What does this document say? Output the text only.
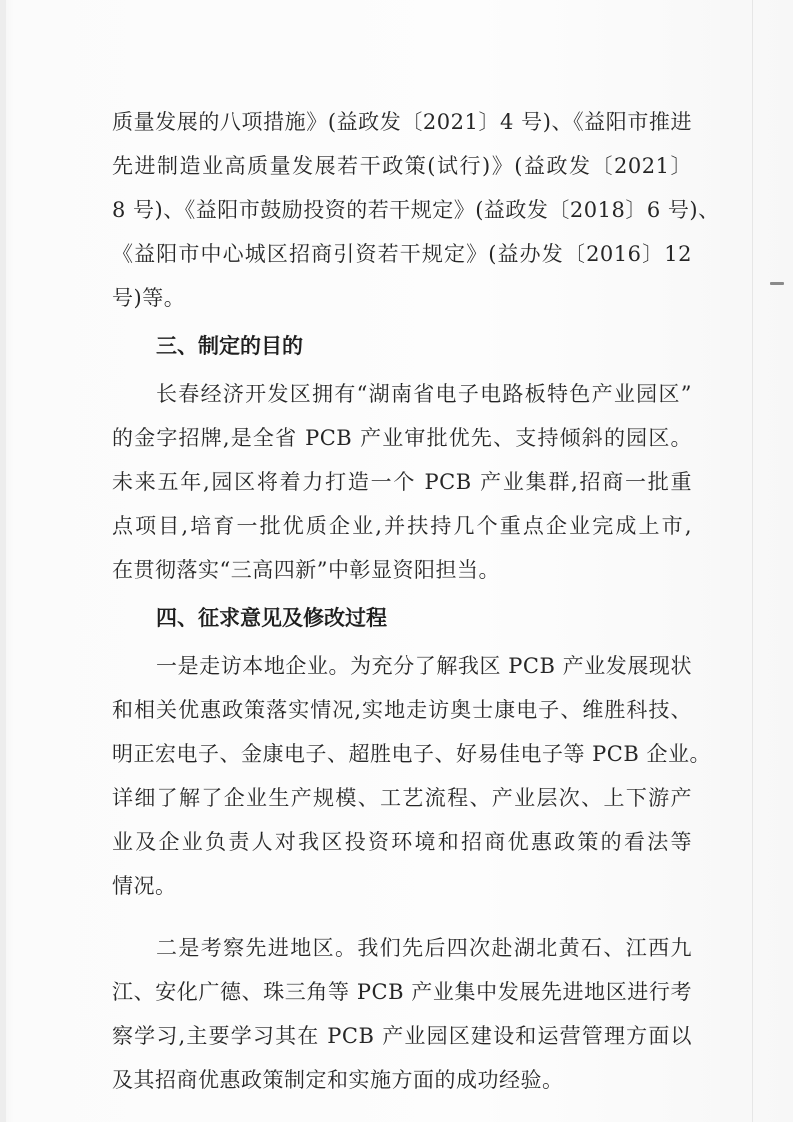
质量发展的八项措施》(益政发〔2021〕4 号)、《益阳市推进
先进制造业高质量发展若干政策(试行)》(益政发〔2021〕
8 号)、《益阳市鼓励投资的若干规定》(益政发〔2018〕6 号)、
《益阳市中心城区招商引资若干规定》(益办发〔2016〕12
号)等。
三、制定的目的
长春经济开发区拥有“湖南省电子电路板特色产业园区”
的金字招牌,是全省 PCB 产业审批优先、支持倾斜的园区。
未来五年,园区将着力打造一个 PCB 产业集群,招商一批重
点项目,培育一批优质企业,并扶持几个重点企业完成上市,
在贯彻落实“三高四新”中彰显资阳担当。
四、征求意见及修改过程
一是走访本地企业。为充分了解我区 PCB 产业发展现状
和相关优惠政策落实情况,实地走访奥士康电子、维胜科技、
明正宏电子、金康电子、超胜电子、好易佳电子等 PCB 企业。
详细了解了企业生产规模、工艺流程、产业层次、上下游产
业及企业负责人对我区投资环境和招商优惠政策的看法等
情况。
二是考察先进地区。我们先后四次赴湖北黄石、江西九
江、安化广德、珠三角等 PCB 产业集中发展先进地区进行考
察学习,主要学习其在 PCB 产业园区建设和运营管理方面以
及其招商优惠政策制定和实施方面的成功经验。
